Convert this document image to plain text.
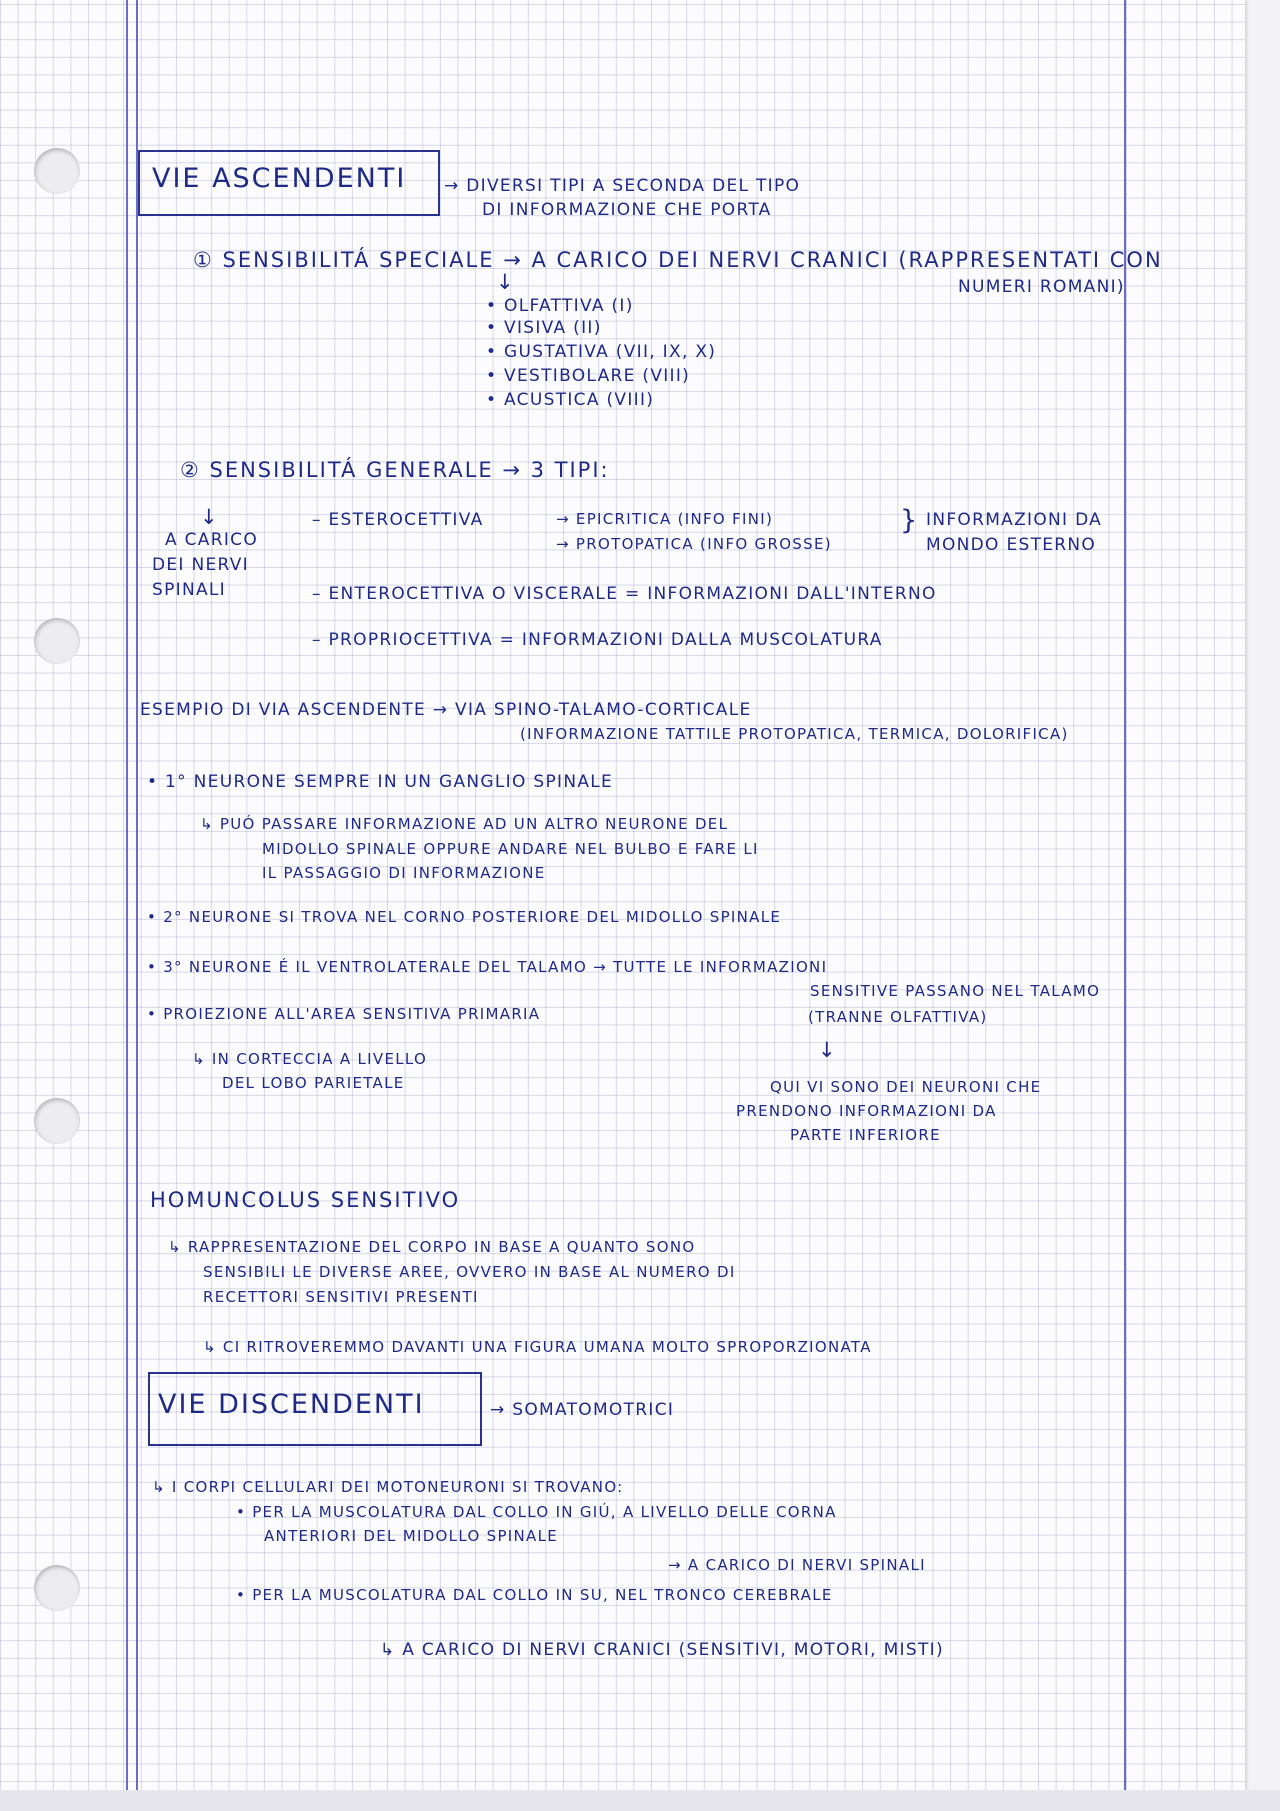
VIE ASCENDENTI → DIVERSI TIPI A SECONDA DEL TIPO
DI INFORMAZIONE CHE PORTA
① SENSIBILITÁ SPECIALE → A CARICO DEI NERVI CRANICI (RAPPRESENTATI CON
NUMERI ROMANI)
↓
• OLFATTIVA (I)
• VISIVA (II)
• GUSTATIVA (VII, IX, X)
• VESTIBOLARE (VIII)
• ACUSTICA (VIII)
② SENSIBILITÁ GENERALE → 3 TIPI:
↓
A CARICO
DEI NERVI
SPINALI
– ESTEROCETTIVA	→ EPICRITICA (INFO FINI)
→ PROTOPATICA (INFO GROSSE)
} INFORMAZIONI DA
MONDO ESTERNO
– ENTEROCETTIVA O VISCERALE = INFORMAZIONI DALL'INTERNO
– PROPRIOCETTIVA = INFORMAZIONI DALLA MUSCOLATURA
ESEMPIO DI VIA ASCENDENTE → VIA SPINO-TALAMO-CORTICALE
(INFORMAZIONE TATTILE PROTOPATICA, TERMICA, DOLORIFICA)
• 1° NEURONE SEMPRE IN UN GANGLIO SPINALE
↳ PUÓ PASSARE INFORMAZIONE AD UN ALTRO NEURONE DEL
MIDOLLO SPINALE OPPURE ANDARE NEL BULBO E FARE LI
IL PASSAGGIO DI INFORMAZIONE
• 2° NEURONE SI TROVA NEL CORNO POSTERIORE DEL MIDOLLO SPINALE
• 3° NEURONE É IL VENTROLATERALE DEL TALAMO → TUTTE LE INFORMAZIONI
SENSITIVE PASSANO NEL TALAMO
(TRANNE OLFATTIVA)
• PROIEZIONE ALL'AREA SENSITIVA PRIMARIA
↳ IN CORTECCIA A LIVELLO
DEL LOBO PARIETALE
↓
QUI VI SONO DEI NEURONI CHE
PRENDONO INFORMAZIONI DA
PARTE INFERIORE
HOMUNCOLUS SENSITIVO
↳ RAPPRESENTAZIONE DEL CORPO IN BASE A QUANTO SONO
SENSIBILI LE DIVERSE AREE, OVVERO IN BASE AL NUMERO DI
RECETTORI SENSITIVI PRESENTI
↳ CI RITROVEREMMO DAVANTI UNA FIGURA UMANA MOLTO SPROPORZIONATA
VIE DISCENDENTI	→ SOMATOMOTRICI
↳ I CORPI CELLULARI DEI MOTONEURONI SI TROVANO:
• PER LA MUSCOLATURA DAL COLLO IN GIÚ, A LIVELLO DELLE CORNA
ANTERIORI DEL MIDOLLO SPINALE
→ A CARICO DI NERVI SPINALI
• PER LA MUSCOLATURA DAL COLLO IN SU, NEL TRONCO CEREBRALE
↳ A CARICO DI NERVI CRANICI (SENSITIVI, MOTORI, MISTI)
